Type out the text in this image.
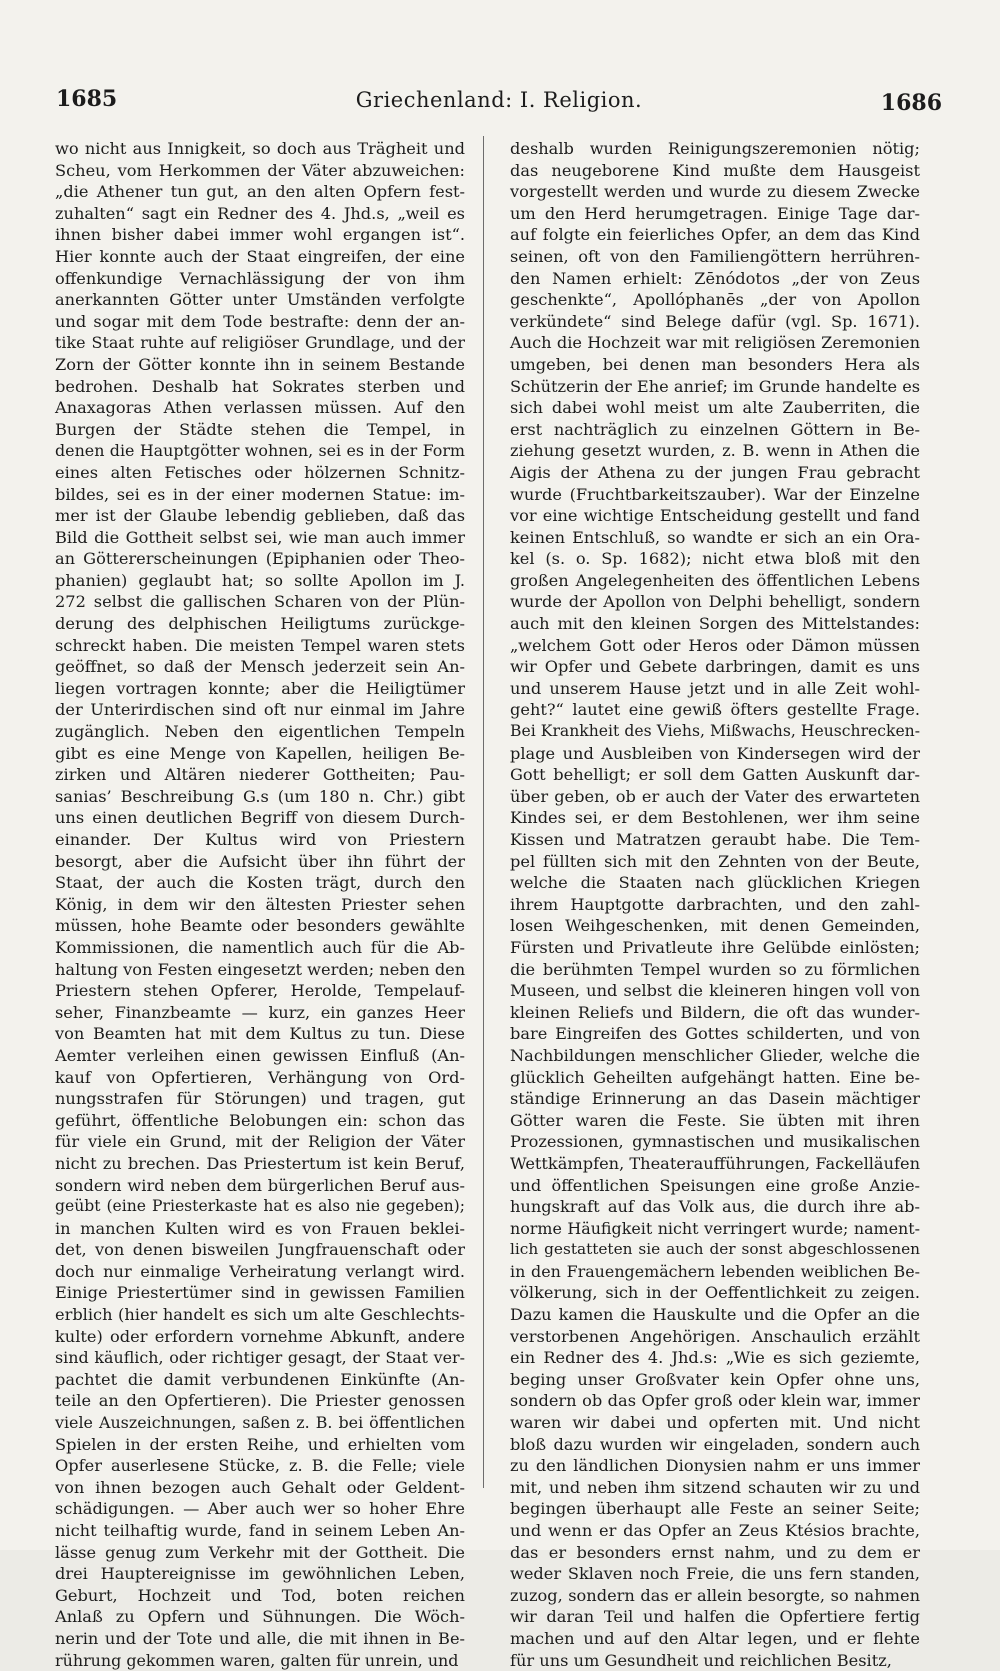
1685	Griechenland: I. Religion.	1686
wo nicht aus Innigkeit, so doch aus Trägheit und
Scheu, vom Herkommen der Väter abzuweichen:
„die Athener tun gut, an den alten Opfern fest-
zuhalten“ sagt ein Redner des 4. Jhd.s, „weil es
ihnen bisher dabei immer wohl ergangen ist“.
Hier konnte auch der Staat eingreifen, der eine
offenkundige Vernachlässigung der von ihm
anerkannten Götter unter Umständen verfolgte
und sogar mit dem Tode bestrafte: denn der an-
tike Staat ruhte auf religiöser Grundlage, und der
Zorn der Götter konnte ihn in seinem Bestande
bedrohen. Deshalb hat Sokrates sterben und
Anaxagoras Athen verlassen müssen. Auf den
Burgen der Städte stehen die Tempel, in
denen die Hauptgötter wohnen, sei es in der Form
eines alten Fetisches oder hölzernen Schnitz-
bildes, sei es in der einer modernen Statue: im-
mer ist der Glaube lebendig geblieben, daß das
Bild die Gottheit selbst sei, wie man auch immer
an Göttererscheinungen (Epiphanien oder Theo-
phanien) geglaubt hat; so sollte Apollon im J.
272 selbst die gallischen Scharen von der Plün-
derung des delphischen Heiligtums zurückge-
schreckt haben. Die meisten Tempel waren stets
geöffnet, so daß der Mensch jederzeit sein An-
liegen vortragen konnte; aber die Heiligtümer
der Unterirdischen sind oft nur einmal im Jahre
zugänglich. Neben den eigentlichen Tempeln
gibt es eine Menge von Kapellen, heiligen Be-
zirken und Altären niederer Gottheiten; Pau-
sanias’ Beschreibung G.s (um 180 n. Chr.) gibt
uns einen deutlichen Begriff von diesem Durch-
einander. Der Kultus wird von Priestern
besorgt, aber die Aufsicht über ihn führt der
Staat, der auch die Kosten trägt, durch den
König, in dem wir den ältesten Priester sehen
müssen, hohe Beamte oder besonders gewählte
Kommissionen, die namentlich auch für die Ab-
haltung von Festen eingesetzt werden; neben den
Priestern stehen Opferer, Herolde, Tempelauf-
seher, Finanzbeamte — kurz, ein ganzes Heer
von Beamten hat mit dem Kultus zu tun. Diese
Aemter verleihen einen gewissen Einfluß (An-
kauf von Opfertieren, Verhängung von Ord-
nungsstrafen für Störungen) und tragen, gut
geführt, öffentliche Belobungen ein: schon das
für viele ein Grund, mit der Religion der Väter
nicht zu brechen. Das Priestertum ist kein Beruf,
sondern wird neben dem bürgerlichen Beruf aus-
geübt (eine Priesterkaste hat es also nie gegeben);
in manchen Kulten wird es von Frauen beklei-
det, von denen bisweilen Jungfrauenschaft oder
doch nur einmalige Verheiratung verlangt wird.
Einige Priestertümer sind in gewissen Familien
erblich (hier handelt es sich um alte Geschlechts-
kulte) oder erfordern vornehme Abkunft, andere
sind käuflich, oder richtiger gesagt, der Staat ver-
pachtet die damit verbundenen Einkünfte (An-
teile an den Opfertieren). Die Priester genossen
viele Auszeichnungen, saßen z. B. bei öffentlichen
Spielen in der ersten Reihe, und erhielten vom
Opfer auserlesene Stücke, z. B. die Felle; viele
von ihnen bezogen auch Gehalt oder Geldent-
schädigungen. — Aber auch wer so hoher Ehre
nicht teilhaftig wurde, fand in seinem Leben An-
lässe genug zum Verkehr mit der Gottheit. Die
drei Hauptereignisse im gewöhnlichen Leben,
Geburt, Hochzeit und Tod, boten reichen
Anlaß zu Opfern und Sühnungen. Die Wöch-
nerin und der Tote und alle, die mit ihnen in Be-
rührung gekommen waren, galten für unrein, und
deshalb wurden Reinigungszeremonien nötig;
das neugeborene Kind mußte dem Hausgeist
vorgestellt werden und wurde zu diesem Zwecke
um den Herd herumgetragen. Einige Tage dar-
auf folgte ein feierliches Opfer, an dem das Kind
seinen, oft von den Familiengöttern herrühren-
den Namen erhielt: Zēnódotos „der von Zeus
geschenkte“, Apollóphanēs „der von Apollon
verkündete“ sind Belege dafür (vgl. Sp. 1671).
Auch die Hochzeit war mit religiösen Zeremonien
umgeben, bei denen man besonders Hera als
Schützerin der Ehe anrief; im Grunde handelte es
sich dabei wohl meist um alte Zauberriten, die
erst nachträglich zu einzelnen Göttern in Be-
ziehung gesetzt wurden, z. B. wenn in Athen die
Aigis der Athena zu der jungen Frau gebracht
wurde (Fruchtbarkeitszauber). War der Einzelne
vor eine wichtige Entscheidung gestellt und fand
keinen Entschluß, so wandte er sich an ein Ora-
kel (s. o. Sp. 1682); nicht etwa bloß mit den
großen Angelegenheiten des öffentlichen Lebens
wurde der Apollon von Delphi behelligt, sondern
auch mit den kleinen Sorgen des Mittelstandes:
„welchem Gott oder Heros oder Dämon müssen
wir Opfer und Gebete darbringen, damit es uns
und unserem Hause jetzt und in alle Zeit wohl-
geht?“ lautet eine gewiß öfters gestellte Frage.
Bei Krankheit des Viehs, Mißwachs, Heuschrecken-
plage und Ausbleiben von Kindersegen wird der
Gott behelligt; er soll dem Gatten Auskunft dar-
über geben, ob er auch der Vater des erwarteten
Kindes sei, er dem Bestohlenen, wer ihm seine
Kissen und Matratzen geraubt habe. Die Tem-
pel füllten sich mit den Zehnten von der Beute,
welche die Staaten nach glücklichen Kriegen
ihrem Hauptgotte darbrachten, und den zahl-
losen Weihgeschenken, mit denen Gemeinden,
Fürsten und Privatleute ihre Gelübde einlösten;
die berühmten Tempel wurden so zu förmlichen
Museen, und selbst die kleineren hingen voll von
kleinen Reliefs und Bildern, die oft das wunder-
bare Eingreifen des Gottes schilderten, und von
Nachbildungen menschlicher Glieder, welche die
glücklich Geheilten aufgehängt hatten. Eine be-
ständige Erinnerung an das Dasein mächtiger
Götter waren die Feste. Sie übten mit ihren
Prozessionen, gymnastischen und musikalischen
Wettkämpfen, Theateraufführungen, Fackelläufen
und öffentlichen Speisungen eine große Anzie-
hungskraft auf das Volk aus, die durch ihre ab-
norme Häufigkeit nicht verringert wurde; nament-
lich gestatteten sie auch der sonst abgeschlossenen
in den Frauengemächern lebenden weiblichen Be-
völkerung, sich in der Oeffentlichkeit zu zeigen.
Dazu kamen die Hauskulte und die Opfer an die
verstorbenen Angehörigen. Anschaulich erzählt
ein Redner des 4. Jhd.s: „Wie es sich geziemte,
beging unser Großvater kein Opfer ohne uns,
sondern ob das Opfer groß oder klein war, immer
waren wir dabei und opferten mit. Und nicht
bloß dazu wurden wir eingeladen, sondern auch
zu den ländlichen Dionysien nahm er uns immer
mit, und neben ihm sitzend schauten wir zu und
begingen überhaupt alle Feste an seiner Seite;
und wenn er das Opfer an Zeus Ktésios brachte,
das er besonders ernst nahm, und zu dem er
weder Sklaven noch Freie, die uns fern standen,
zuzog, sondern das er allein besorgte, so nahmen
wir daran Teil und halfen die Opfertiere fertig
machen und auf den Altar legen, und er flehte
für uns um Gesundheit und reichlichen Besitz,
